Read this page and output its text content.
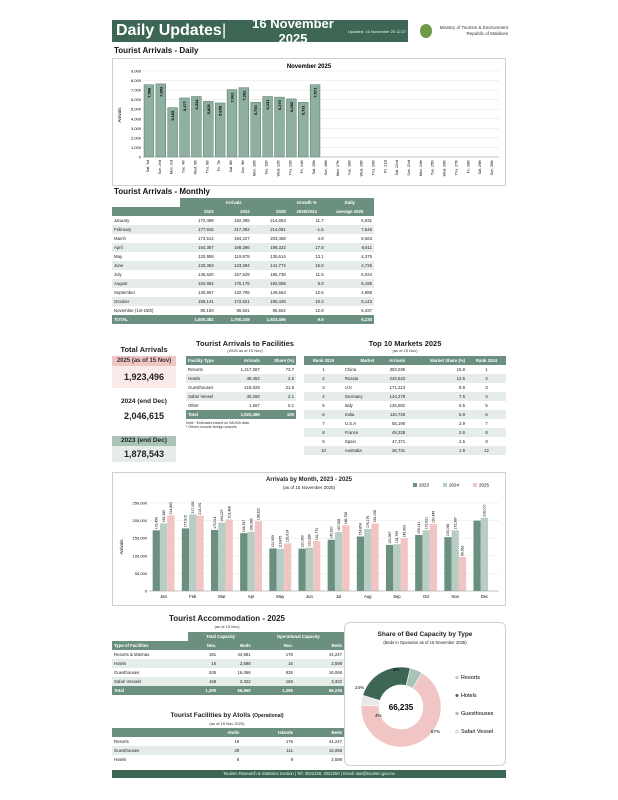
Daily Updates |	16 November 2025	Updated: 16 November 25 12:27
Ministry of Tourism & Environment
Republic of Maldives
Tourist Arrivals - Daily
November 2025
Arrivals
9,000
8,000
7,000
6,000
5,000
4,000
3,000
2,000
1,000
0
Sat, 1st Sun, 2nd Mon, 3rd Tue, 4th Wed, 5th Thu, 6th Fri, 7th Sat, 8th Sun, 9th Mon, 10th Tue, 11th Wed, 12th Thu, 13th Fri, 14th Sat, 15th Sun, 16th Mon, 17th Tue, 18th Wed, 19th Thu, 20th Fri, 21st Sat, 22nd Sun, 23rd Mon, 24th Tue, 25th Wed, 26th Thu, 27th Fri, 28th Sat, 29th Sun, 30th
7,566 7,653
5,165
6,177 6,334 5,825 5,658
7,061 7,262
5,730
6,331 6,270 6,082 5,731
7,571
Tourist Arrivals - Monthly
	Arrivals			Growth %	Daily
	2023	2024	2025	2025/2024	average 2025
January	172,499	192,385	214,863	11.7	6,931
February	177,915	217,392	214,091	-1.5	7,646
March	173,514	194,227	203,468	4.8	6,563
April	164,357	168,366	198,322	17.8	6,611
May	120,959	119,875	135,614	13.1	4,375
June	120,363	123,284	141,772	15.0	4,726
July	145,620	167,528	186,738	11.5	6,024
August	154,854	176,175	192,058	9.0	6,195
September	130,967	132,795	149,563	12.6	4,985
October	159,141	172,621	190,445	10.3	6,143
November (1st-15th)	80,193	85,601	96,562	12.8	6,437
TOTAL	1,600,382	1,750,249	1,923,496	9.9	6,230
Total Arrivals
2025 (as of 15 Nov)
1,923,496
2024 (end Dec)
2,046,615
2023 (end Dec)
1,878,543
Tourist Arrivals to Facilities
(2025 as of 15 Nov)
Facility Type	Arrivals	Share (%)
Resorts	1,417,087	73.7
Hotels	49,452	2.6
Guesthouses	415,028	21.5
Safari Vessel	40,260	2.1
Other	1,667	0.1
Total	1,923,496	100
Note : Estimates based on IMUGA data
* Others include foreign vessels
Top 10 Markets 2025
(as of 15 Nov)
Rank 2025	Market	Arrivals	Market Share (%)	Rank 2024
1	China	303,035	15.8	1
2	Russia	242,542	12.6	2
3	U.K	171,213	8.9	3
4	Germany	144,278	7.5	4
5	Italy	125,582	6.5	5
6	India	110,726	5.8	6
7	U.S.A	55,190	2.9	7
8	France	49,328	2.6	8
9	Spain	47,371	2.5	9
10	Australia	36,731	1.9	12
Arrivals by Month, 2023 - 2025
(as of 15 November 2025)
Arrivals
250,000
200,000
150,000
100,000
50,000
0
2023	2024	2025
Jan
172,499
192,385
214,863
Feb
177,915
217,392 214,091
Mar
173,514
194,227 203,468
Apr
164,357 168,366
198,322
May
120,959 119,875 135,614
Jun
120,363 123,284
141,772
Jul
145,620
167,528
186,738
Aug
154,854
176,175 192,058
Sep
130,967 132,795 149,563
Oct
159,141 172,621
190,445
Nov
153,058
172,387
96,562
Dec
208,000
Tourist Accommodation - 2025
(as of 15 Nov)
	Total Capacity		Operational Capacity	
Type of Facilities	Nos.	Beds	Nos.	Beds
Resorts & Marinas	181	44,981	176	44,247
Hotels	16	2,598	16	2,598
Guesthouses	935	16,068	935	16,068
Safari Vessels	168	3,322	168	3,322
Total	1,300	66,969	1,295	66,235
Tourist Facilities by Atolls (Operational)
(as of 15 Nov 2025)
	Atolls	Islands	Beds
Resorts	19	176	44,247
Guesthouses	20	111	16,068
Hotels	8	9	2,598
Share of Bed Capacity by Type
(Beds in Operation as of 15 November 2025)
67%
24%
5%
4%
66,235
Resorts
Hotels
Guesthouses
Safari Vessel
Tourism Research & Statistics Section | Tel: 3022226, 3022250 | Email: stat@tourism.gov.mv
